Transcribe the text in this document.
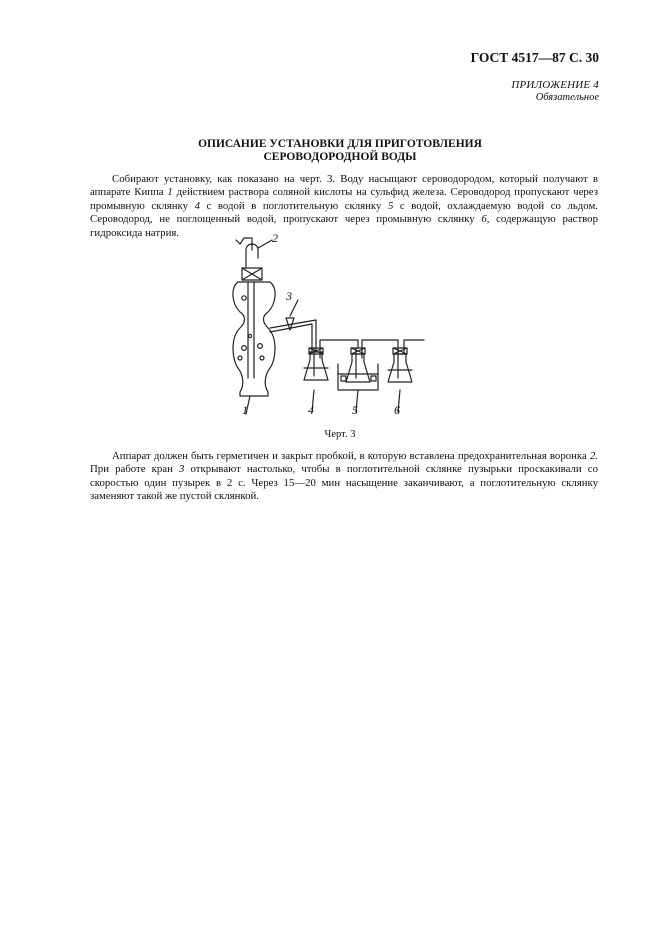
ГОСТ 4517—87 С. 30
ПРИЛОЖЕНИЕ 4
Обязательное
ОПИСАНИЕ УСТАНОВКИ ДЛЯ ПРИГОТОВЛЕНИЯ
СЕРОВОДОРОДНОЙ ВОДЫ

Собирают установку, как показано на черт. 3. Воду насыщают сероводородом, который получают в аппарате Киппа 1 действием раствора соляной кислоты на сульфид железа. Сероводород пропускают через промывную склянку 4 с водой в поглотительную склянку 5 с водой, охлаждаемую водой со льдом. Сероводород, не поглощенный водой, пропускают через промывную склянку 6, содержащую раствор гидроксида натрия.

1
2
3
4	5	6
Черт. 3

Аппарат должен быть герметичен и закрыт пробкой, в которую вставлена предохранительная воронка 2. При работе кран 3 открывают настолько, чтобы в поглотительной склянке пузырьки проскакивали со скоростью один пузырек в 2 с. Через 15—20 мин насыщение заканчивают, а поглотительную склянку заменяют такой же пустой склянкой.
